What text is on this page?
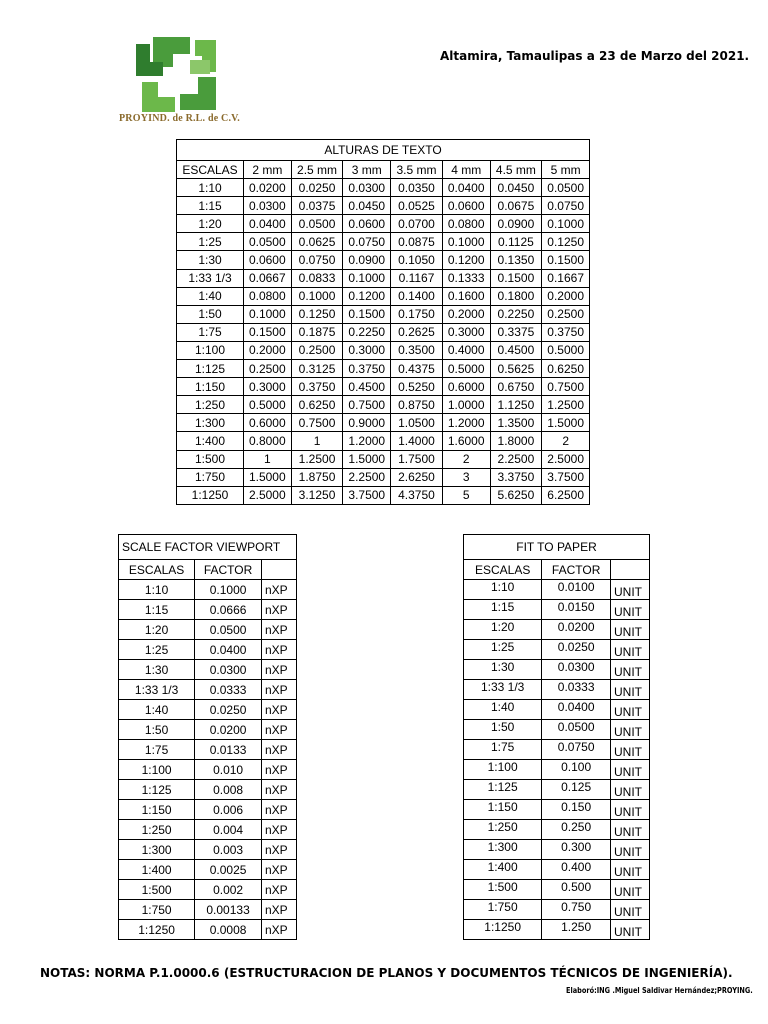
PROYIND. de R.L. de C.V.
Altamira, Tamaulipas a 23 de Marzo del 2021.
ALTURAS DE TEXTO							
ESCALAS	2 mm	2.5 mm	3 mm	3.5 mm	4 mm	4.5 mm	5 mm
1:10	0.0200	0.0250	0.0300	0.0350	0.0400	0.0450	0.0500
1:15	0.0300	0.0375	0.0450	0.0525	0.0600	0.0675	0.0750
1:20	0.0400	0.0500	0.0600	0.0700	0.0800	0.0900	0.1000
1:25	0.0500	0.0625	0.0750	0.0875	0.1000	0.1125	0.1250
1:30	0.0600	0.0750	0.0900	0.1050	0.1200	0.1350	0.1500
1:33 1/3	0.0667	0.0833	0.1000	0.1167	0.1333	0.1500	0.1667
1:40	0.0800	0.1000	0.1200	0.1400	0.1600	0.1800	0.2000
1:50	0.1000	0.1250	0.1500	0.1750	0.2000	0.2250	0.2500
1:75	0.1500	0.1875	0.2250	0.2625	0.3000	0.3375	0.3750
1:100	0.2000	0.2500	0.3000	0.3500	0.4000	0.4500	0.5000
1:125	0.2500	0.3125	0.3750	0.4375	0.5000	0.5625	0.6250
1:150	0.3000	0.3750	0.4500	0.5250	0.6000	0.6750	0.7500
1:250	0.5000	0.6250	0.7500	0.8750	1.0000	1.1250	1.2500
1:300	0.6000	0.7500	0.9000	1.0500	1.2000	1.3500	1.5000
1:400	0.8000	1	1.2000	1.4000	1.6000	1.8000	2
1:500	1	1.2500	1.5000	1.7500	2	2.2500	2.5000
1:750	1.5000	1.8750	2.2500	2.6250	3	3.3750	3.7500
1:1250	2.5000	3.1250	3.7500	4.3750	5	5.6250	6.2500
SCALE FACTOR VIEWPORT		
ESCALAS	FACTOR	
1:10	0.1000	nXP
1:15	0.0666	nXP
1:20	0.0500	nXP
1:25	0.0400	nXP
1:30	0.0300	nXP
1:33 1/3	0.0333	nXP
1:40	0.0250	nXP
1:50	0.0200	nXP
1:75	0.0133	nXP
1:100	0.010	nXP
1:125	0.008	nXP
1:150	0.006	nXP
1:250	0.004	nXP
1:300	0.003	nXP
1:400	0.0025	nXP
1:500	0.002	nXP
1:750	0.00133	nXP
1:1250	0.0008	nXP
FIT TO PAPER		
ESCALAS	FACTOR	
1:10	0.0100	UNIT
1:15	0.0150	UNIT
1:20	0.0200	UNIT
1:25	0.0250	UNIT
1:30	0.0300	UNIT
1:33 1/3	0.0333	UNIT
1:40	0.0400	UNIT
1:50	0.0500	UNIT
1:75	0.0750	UNIT
1:100	0.100	UNIT
1:125	0.125	UNIT
1:150	0.150	UNIT
1:250	0.250	UNIT
1:300	0.300	UNIT
1:400	0.400	UNIT
1:500	0.500	UNIT
1:750	0.750	UNIT
1:1250	1.250	UNIT
NOTAS: NORMA P.1.0000.6 (ESTRUCTURACION DE PLANOS Y DOCUMENTOS TÉCNICOS DE INGENIERÍA).
Elaboró:ING .Miguel Saldivar Hernández;PROYING.
